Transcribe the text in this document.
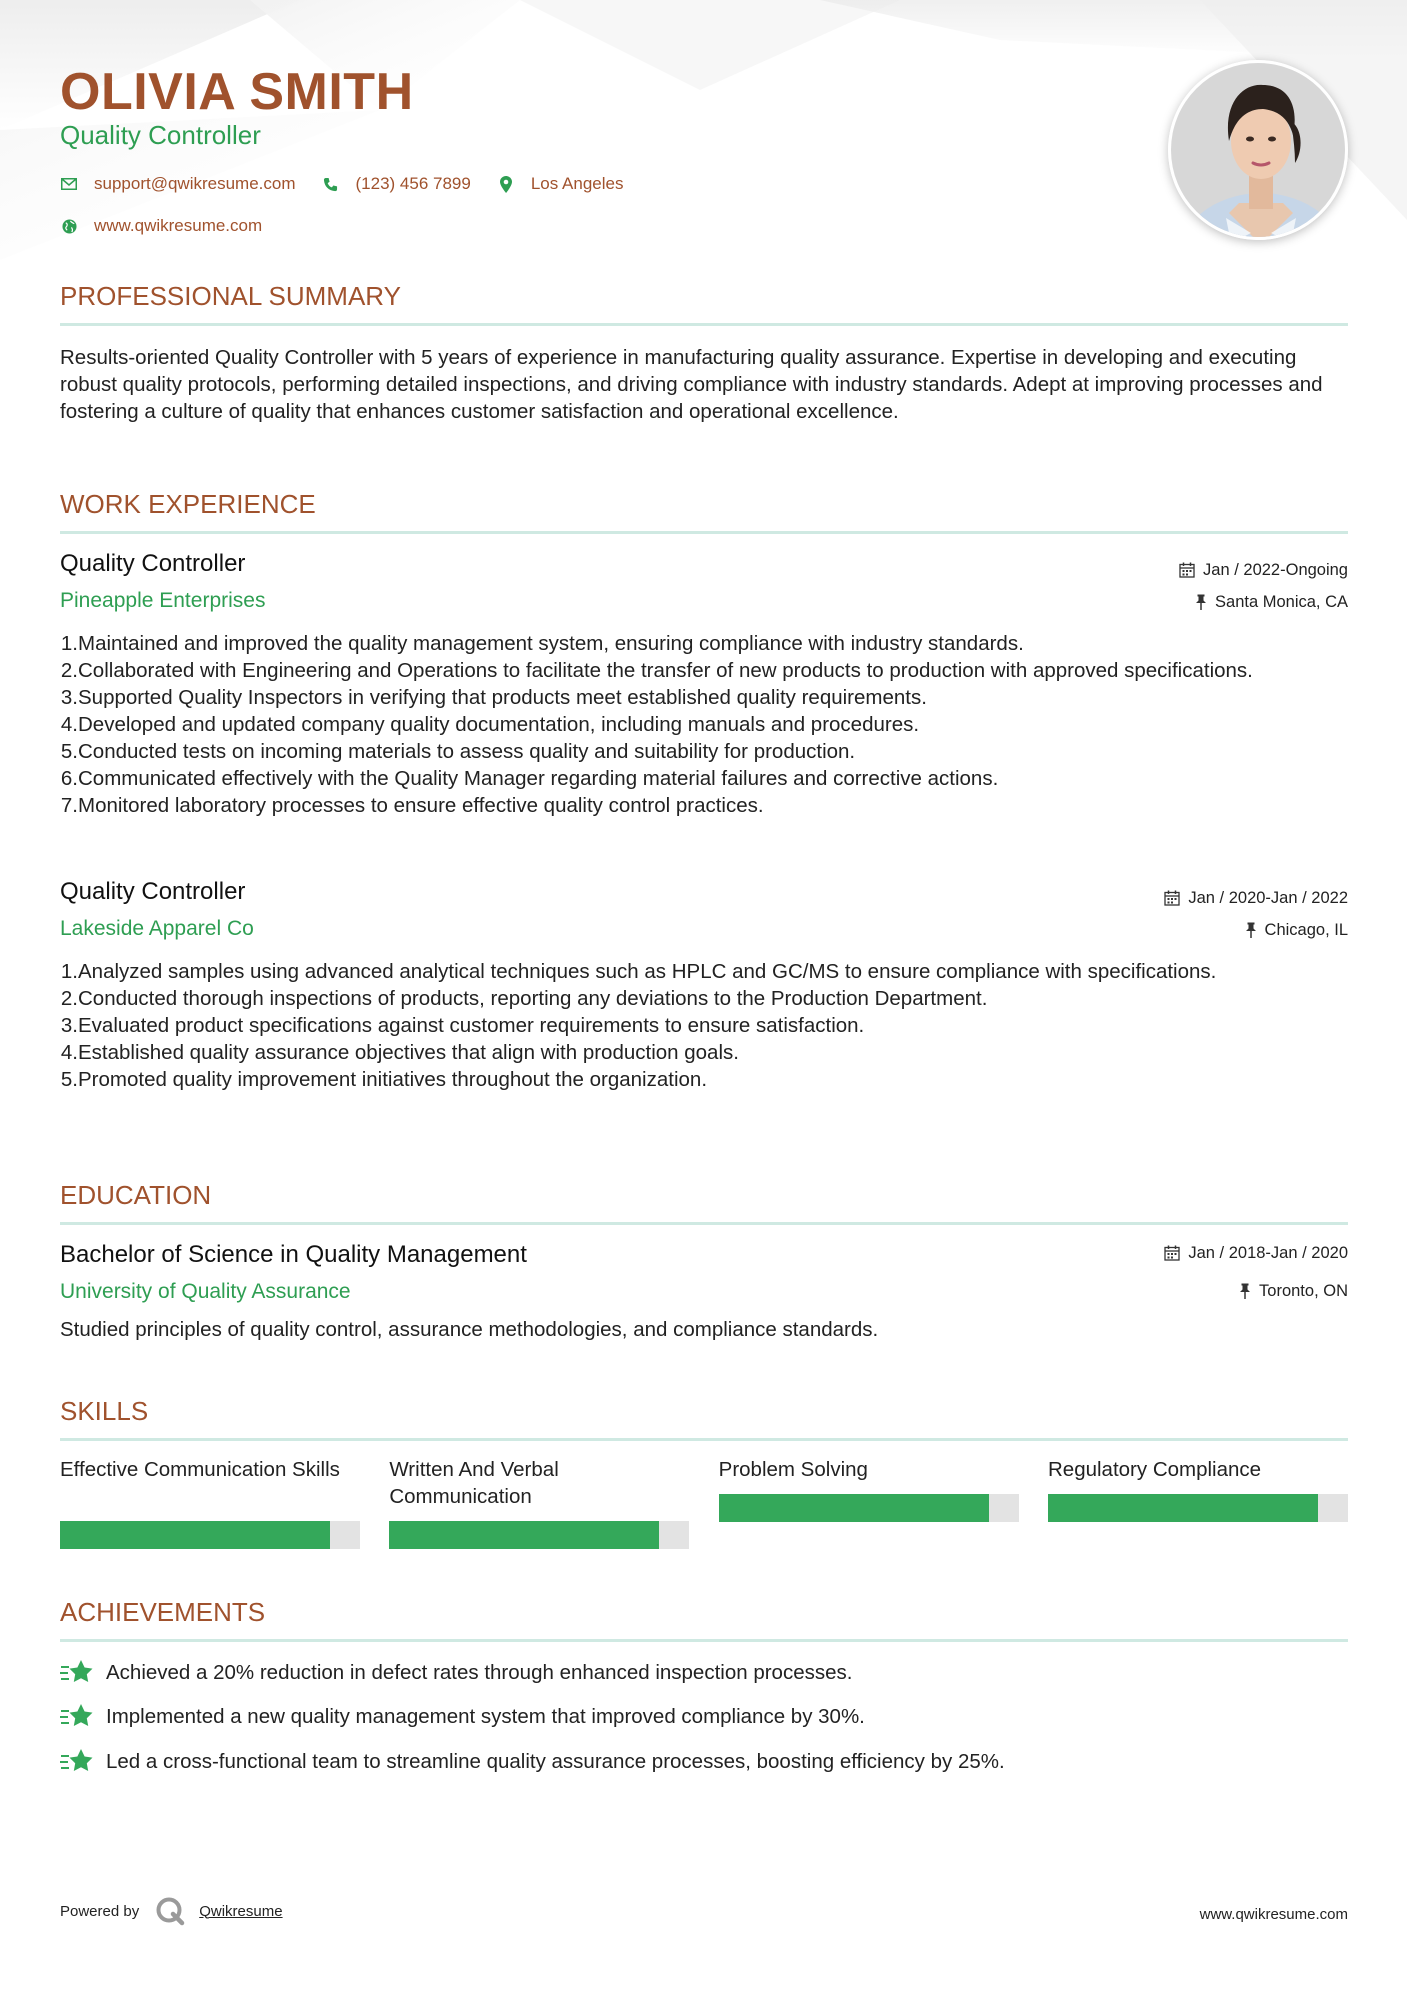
OLIVIA SMITH
Quality Controller
support@qwikresume.com	(123) 456 7899	Los Angeles
www.qwikresume.com
PROFESSIONAL SUMMARY
Results-oriented Quality Controller with 5 years of experience in manufacturing quality assurance. Expertise in developing and executing robust quality protocols, performing detailed inspections, and driving compliance with industry standards. Adept at improving processes and fostering a culture of quality that enhances customer satisfaction and operational excellence.
WORK EXPERIENCE
Quality Controller
Pineapple Enterprises
Jan / 2022-Ongoing
Santa Monica, CA
1. Maintained and improved the quality management system, ensuring compliance with industry standards.
2. Collaborated with Engineering and Operations to facilitate the transfer of new products to production with approved specifications.
3. Supported Quality Inspectors in verifying that products meet established quality requirements.
4. Developed and updated company quality documentation, including manuals and procedures.
5. Conducted tests on incoming materials to assess quality and suitability for production.
6. Communicated effectively with the Quality Manager regarding material failures and corrective actions.
7. Monitored laboratory processes to ensure effective quality control practices.
Quality Controller
Lakeside Apparel Co
Jan / 2020-Jan / 2022
Chicago, IL
1. Analyzed samples using advanced analytical techniques such as HPLC and GC/MS to ensure compliance with specifications.
2. Conducted thorough inspections of products, reporting any deviations to the Production Department.
3. Evaluated product specifications against customer requirements to ensure satisfaction.
4. Established quality assurance objectives that align with production goals.
5. Promoted quality improvement initiatives throughout the organization.
EDUCATION
Bachelor of Science in Quality Management
University of Quality Assurance
Jan / 2018-Jan / 2020
Toronto, ON
Studied principles of quality control, assurance methodologies, and compliance standards.
SKILLS
Effective Communication Skills	Written And Verbal Communication
Problem Solving	Regulatory Compliance
ACHIEVEMENTS
Achieved a 20% reduction in defect rates through enhanced inspection processes.
Implemented a new quality management system that improved compliance by 30%.
Led a cross-functional team to streamline quality assurance processes, boosting efficiency by 25%.
Powered by	Qwikresume	www.qwikresume.com
